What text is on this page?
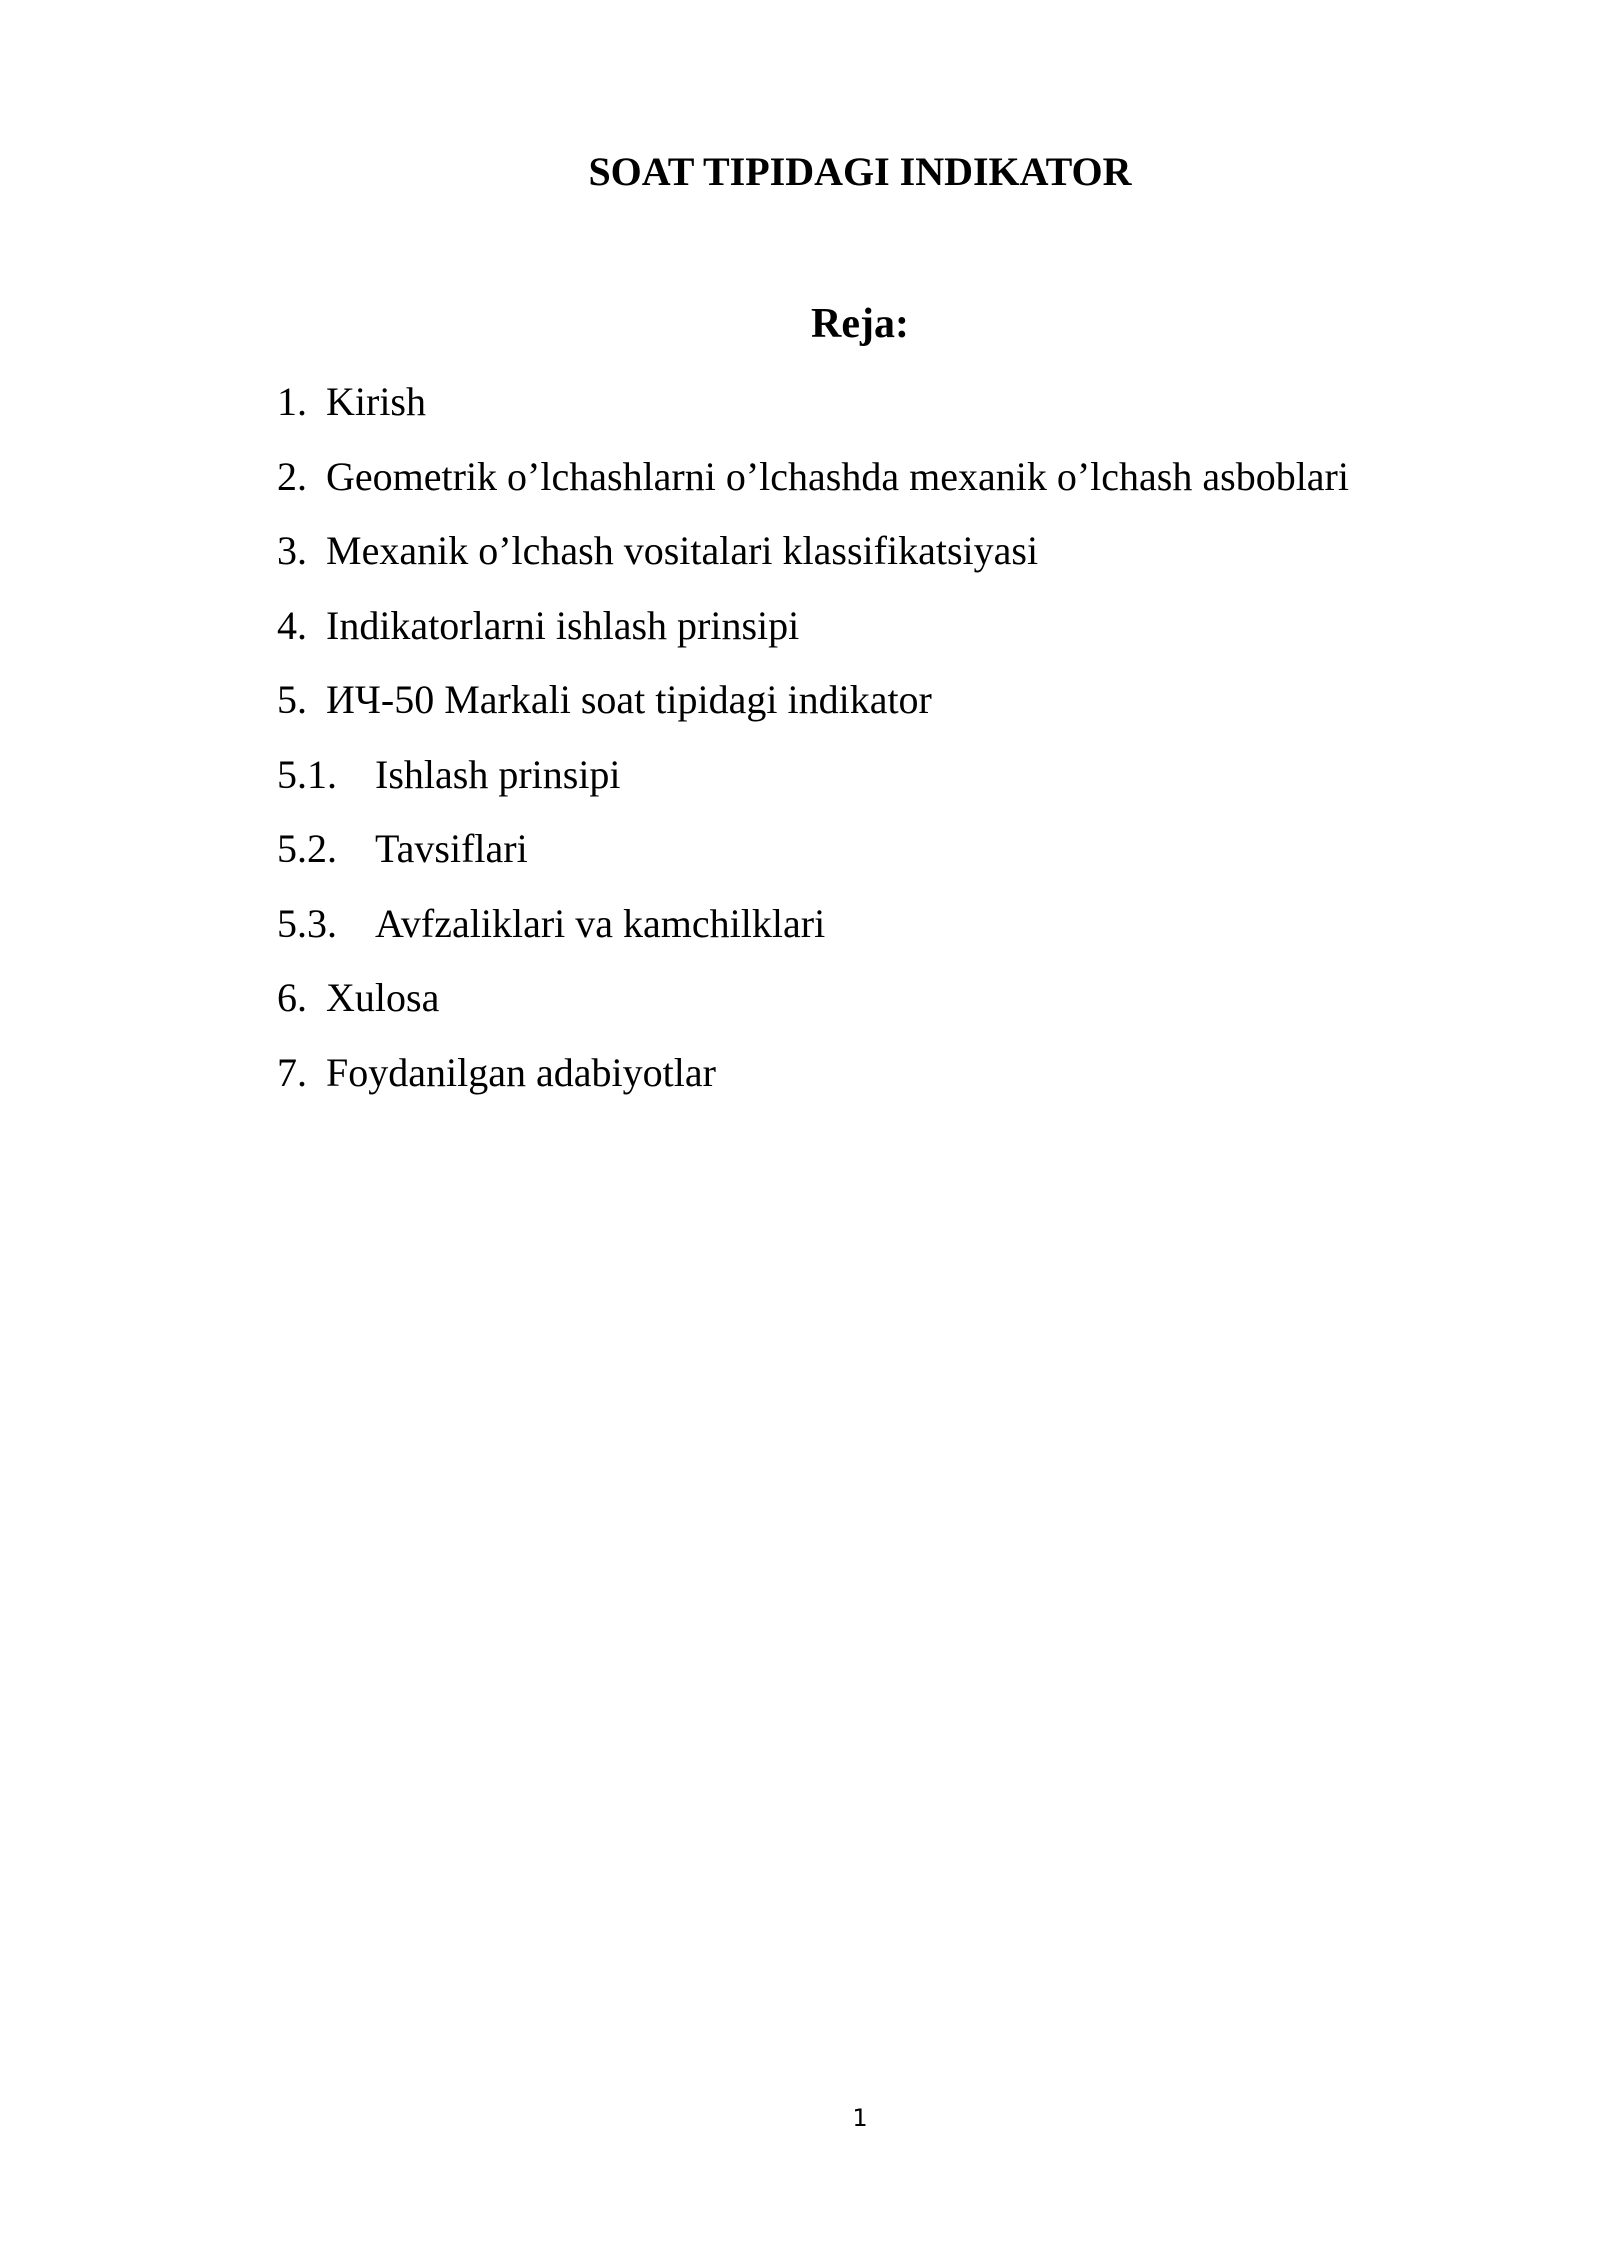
SOAT TIPIDAGI INDIKATOR
Reja:
1. Kirish
2. Geometrik o’lchashlarni o’lchashda mexanik o’lchash asboblari
3. Mexanik o’lchash vositalari klassifikatsiyasi
4. Indikatorlarni ishlash prinsipi
5. ИЧ-50 Markali soat tipidagi indikator
5.1. Ishlash prinsipi
5.2. Tavsiflari
5.3. Avfzaliklari va kamchilklari
6. Xulosa
7. Foydanilgan adabiyotlar
1
